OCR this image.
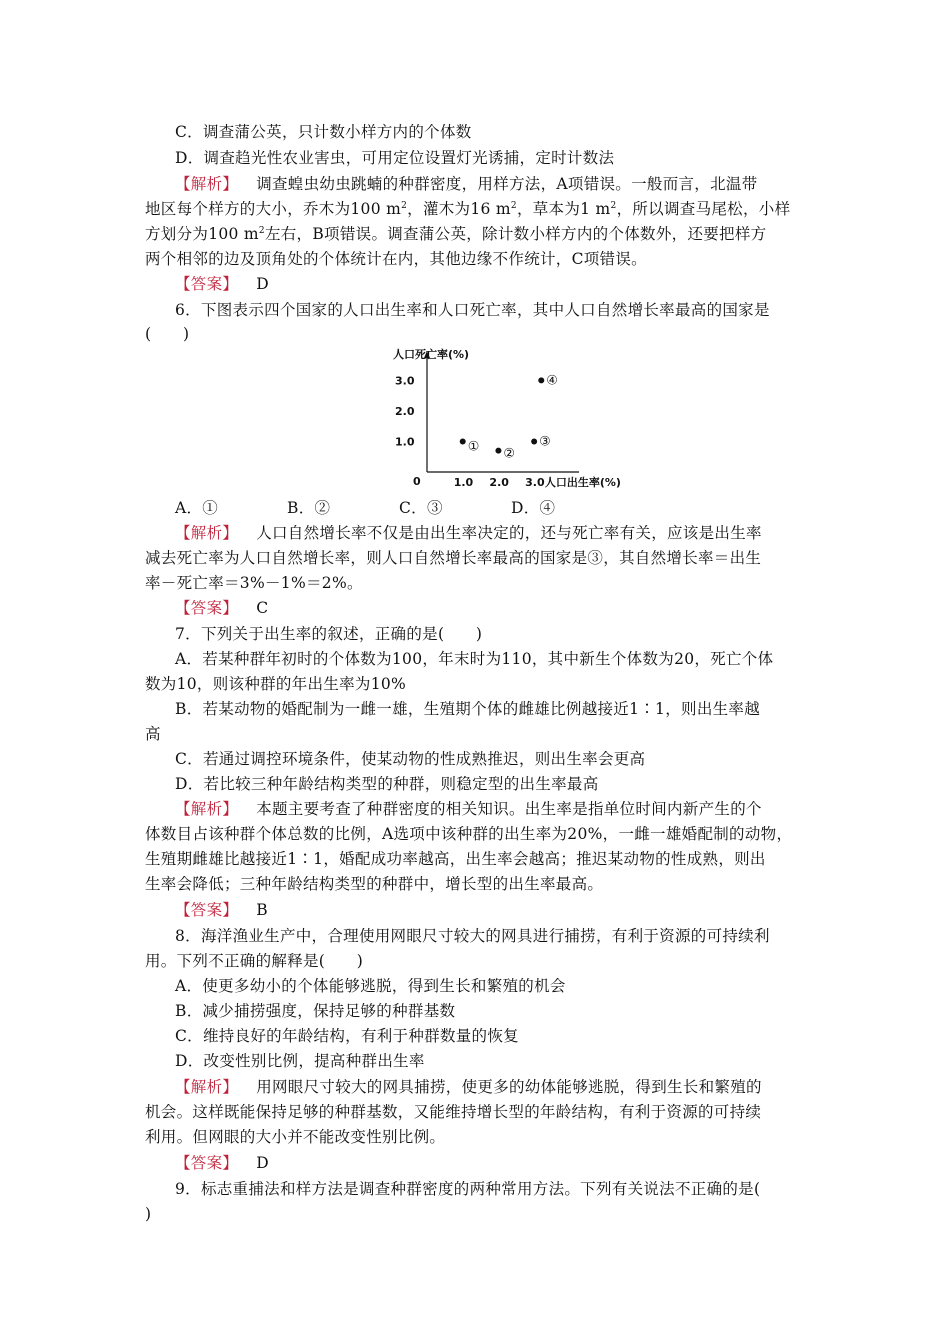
C．调查蒲公英，只计数小样方内的个体数
D．调查趋光性农业害虫，可用定位设置灯光诱捕，定时计数法
【答案】 D
6．下图表示四个国家的人口出生率和人口死亡率，其中人口自然增长率最高的国家是
(　　)
减去死亡率为人口自然增长率，则人口自然增长率最高的国家是③，其自然增长率＝出生
率－死亡率＝3%－1%＝2%。
【答案】 C
7．下列关于出生率的叙述，正确的是(　　)
A．若某种群年初时的个体数为100，年末时为110，其中新生个体数为20，死亡个体
数为10，则该种群的年出生率为10%
B．若某动物的婚配制为一雌一雄，生殖期个体的雌雄比例越接近1∶1，则出生率越
高
C．若通过调控环境条件，使某动物的性成熟推迟，则出生率会更高
D．若比较三种年龄结构类型的种群，则稳定型的出生率最高
【解析】 本题主要考查了种群密度的相关知识。出生率是指单位时间内新产生的个
体数目占该种群个体总数的比例，A选项中该种群的出生率为20%，一雌一雄婚配制的动物，
生殖期雌雄比越接近1∶1，婚配成功率越高，出生率会越高；推迟某动物的性成熟，则出
生率会降低；三种年龄结构类型的种群中，增长型的出生率最高。
【答案】 B
8．海洋渔业生产中，合理使用网眼尺寸较大的网具进行捕捞，有利于资源的可持续利
用。下列不正确的解释是(　　)
A．使更多幼小的个体能够逃脱，得到生长和繁殖的机会
B．减少捕捞强度，保持足够的种群基数
C．维持良好的年龄结构，有利于种群数量的恢复
D．改变性别比例，提高种群出生率
【解析】 用网眼尺寸较大的网具捕捞，使更多的幼体能够逃脱，得到生长和繁殖的
机会。这样既能保持足够的种群基数，又能维持增长型的年龄结构，有利于资源的可持续
利用。但网眼的大小并不能改变性别比例。
【答案】 D
9．标志重捕法和样方法是调查种群密度的两种常用方法。下列有关说法不正确的是(
)
【解析】 调查蝗虫幼虫跳蝻的种群密度，用样方法，A项错误。一般而言，北温带
地区每个样方的大小，乔木为100 $m^2$，灌木为16 $m^2$，草本为1 $m^2$，所以调查马尾松，小样
方划分为100 $m^2$左右，B项错误。调查蒲公英，除计数小样方内的个体数外，还要把样方
两个相邻的边及顶角处的个体统计在内，其他边缘不作统计，C项错误。
人口死亡率(%)
人口出生率(%)
0	1.0 2.0 3.0
1.0
2.0
3.0
① ②
③
④
A．①	B．②	C．③	D．④
【解析】 人口自然增长率不仅是由出生率决定的，还与死亡率有关，应该是出生率
